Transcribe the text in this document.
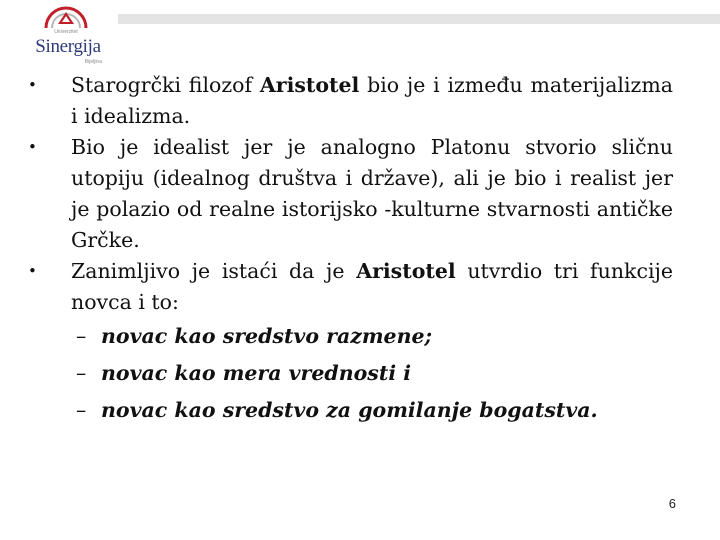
Univerzitet
Sinergija
Bijeljina
•	Starogrčki filozof Aristotel bio je i između materijalizma i idealizma.
•	Bio je idealist jer je analogno Platonu stvorio sličnu utopiju (idealnog društva i države), ali je bio i realist jer je polazio od realne istorijsko -kulturne stvarnosti antičke Grčke.
•	Zanimljivo je istaći da je Aristotel utvrdio tri funkcije novca i to:
– novac kao sredstvo razmene;
– novac kao mera vrednosti i
– novac kao sredstvo za gomilanje bogatstva.
6
